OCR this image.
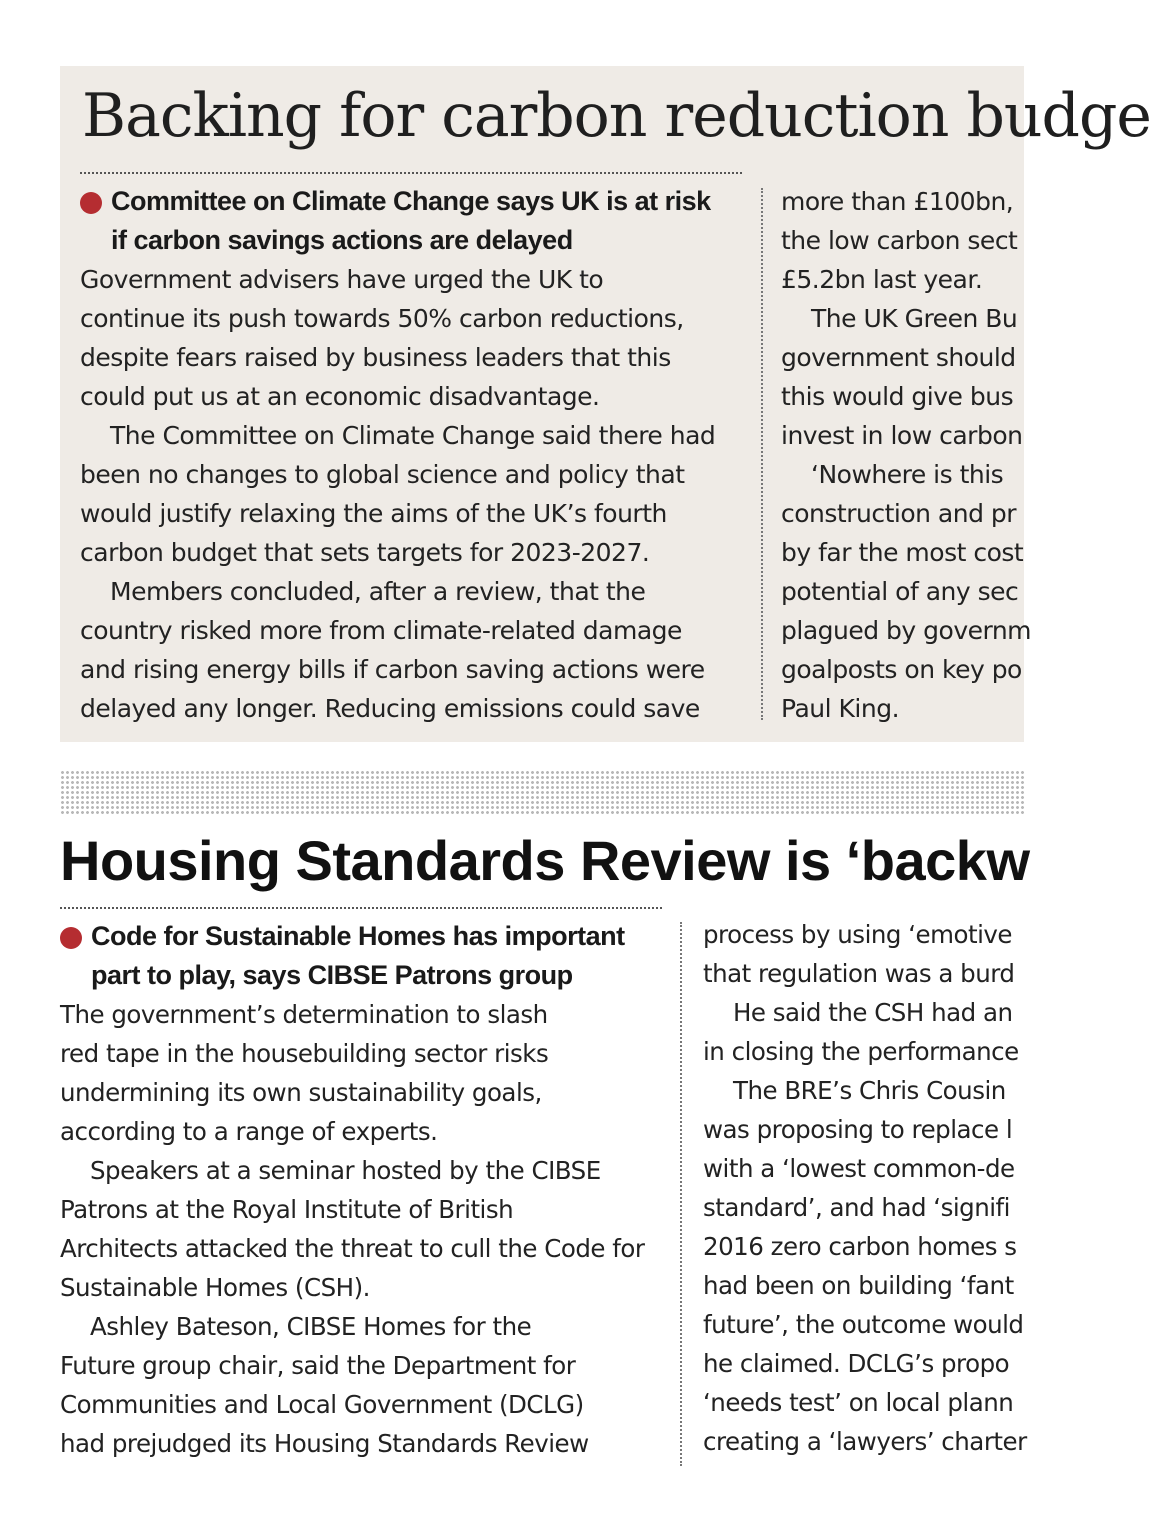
Backing for carbon reduction budge
Committee on Climate Change says UK is at risk
if carbon savings actions are delayed
Government advisers have urged the UK to
continue its push towards 50% carbon reductions,
despite fears raised by business leaders that this
could put us at an economic disadvantage.
The Committee on Climate Change said there had
been no changes to global science and policy that
would justify relaxing the aims of the UK’s fourth
carbon budget that sets targets for 2023-2027.
Members concluded, after a review, that the
country risked more from climate-related damage
and rising energy bills if carbon saving actions were
delayed any longer. Reducing emissions could save
more than £100bn,
the low carbon sect
£5.2bn last year.
The UK Green Bu
government should
this would give bus
invest in low carbon
‘Nowhere is this
construction and pr
by far the most cost
potential of any sec
plagued by governm
goalposts on key po
Paul King.
Housing Standards Review is ‘backw
Code for Sustainable Homes has important
part to play, says CIBSE Patrons group
The government’s determination to slash
red tape in the housebuilding sector risks
undermining its own sustainability goals,
according to a range of experts.
Speakers at a seminar hosted by the CIBSE
Patrons at the Royal Institute of British
Architects attacked the threat to cull the Code for
Sustainable Homes (CSH).
Ashley Bateson, CIBSE Homes for the
Future group chair, said the Department for
Communities and Local Government (DCLG)
had prejudged its Housing Standards Review
process by using ‘emotive
that regulation was a burd
He said the CSH had an
in closing the performance
The BRE’s Chris Cousin
was proposing to replace l
with a ‘lowest common-de
standard’, and had ‘signifi
2016 zero carbon homes s
had been on building ‘fant
future’, the outcome would
he claimed. DCLG’s propo
‘needs test’ on local plann
creating a ‘lawyers’ charter
